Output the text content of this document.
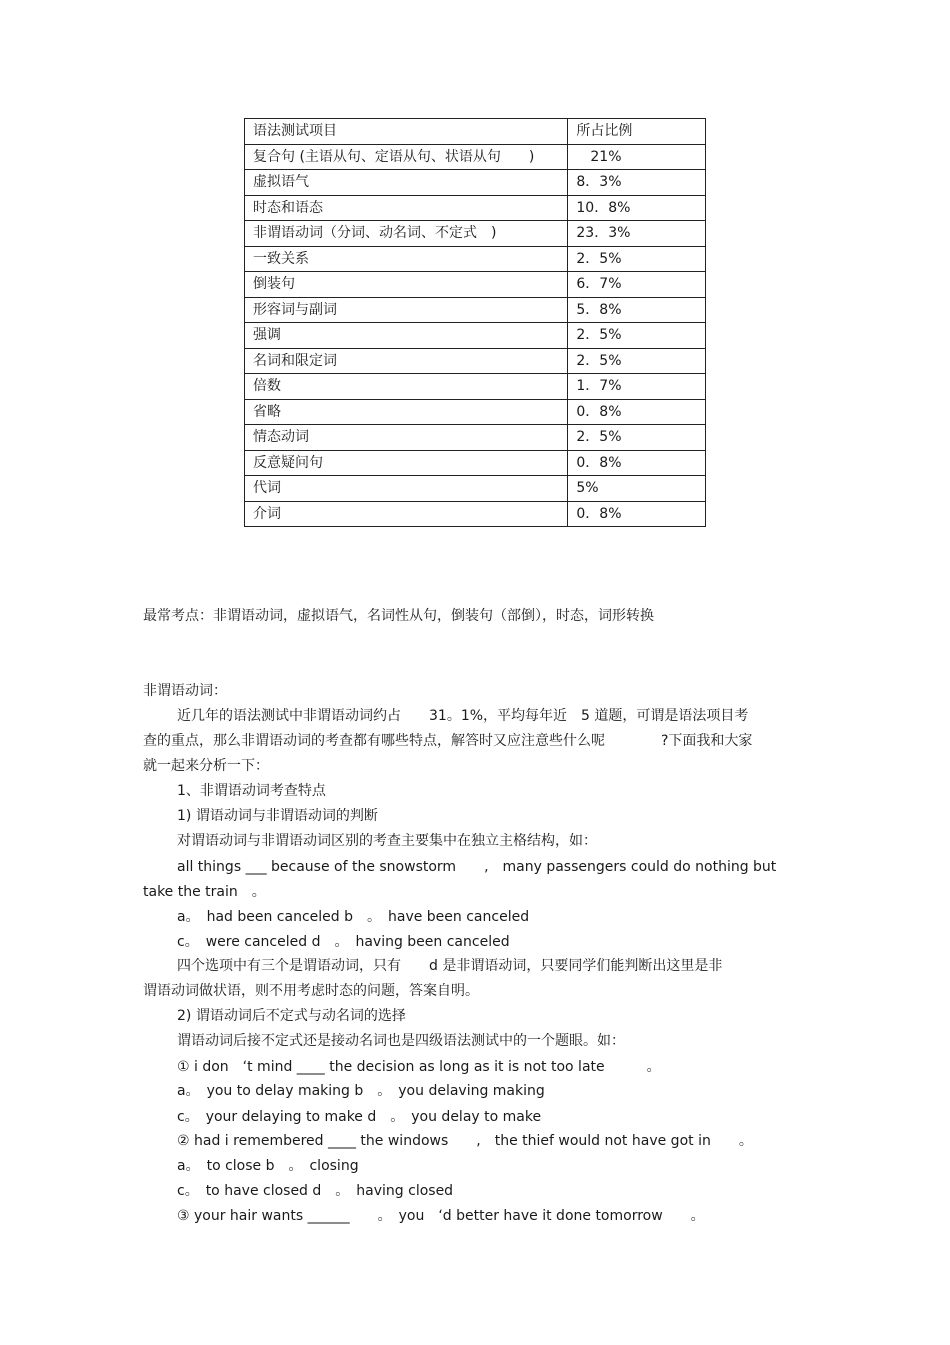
语法测试项目	所占比例
复合句 (主语从句、定语从句、状语从句　　)	　21%
虚拟语气	8．3%
时态和语态	10．8%
非谓语动词（分词、动名词、不定式　)	23．3%
一致关系	2．5%
倒装句	6．7%
形容词与副词	5．8%
强调	2．5%
名词和限定词	2．5%
倍数	1．7%
省略	0．8%
情态动词	2．5%
反意疑问句	0．8%
代词	5%
介词	0．8%
最常考点：非谓语动词，虚拟语气，名词性从句，倒装句（部倒），时态，词形转换
非谓语动词：
近几年的语法测试中非谓语动词约占　　31。1%，平均每年近　5 道题，可谓是语法项目考
查的重点，那么非谓语动词的考查都有哪些特点，解答时又应注意些什么呢　　　　?下面我和大家
就一起来分析一下：
1、非谓语动词考查特点
1) 谓语动词与非谓语动词的判断
对谓语动词与非谓语动词区别的考查主要集中在独立主格结构，如：
all things ___ because of the snowstorm　　,　many passengers could do nothing but
take the train　。
a。　had been canceled b　。　have been canceled
c。　were canceled d　。　having been canceled
四个选项中有三个是谓语动词，只有　　d 是非谓语动词，只要同学们能判断出这里是非
谓语动词做状语，则不用考虑时态的问题，答案自明。
2) 谓语动词后不定式与动名词的选择
谓语动词后接不定式还是接动名词也是四级语法测试中的一个题眼。如：
① i don　‘t mind ____ the decision as long as it is not too late　　　。
a。　you to delay making b　。　you delaving making
c。　your delaying to make d　。　you delay to make
② had i remembered ____ the windows　　,　the thief would not have got in　　。
a。　to close b　。　closing
c。　to have closed d　。　having closed
③ your hair wants ______　　。　you　‘d better have it done tomorrow　　。
